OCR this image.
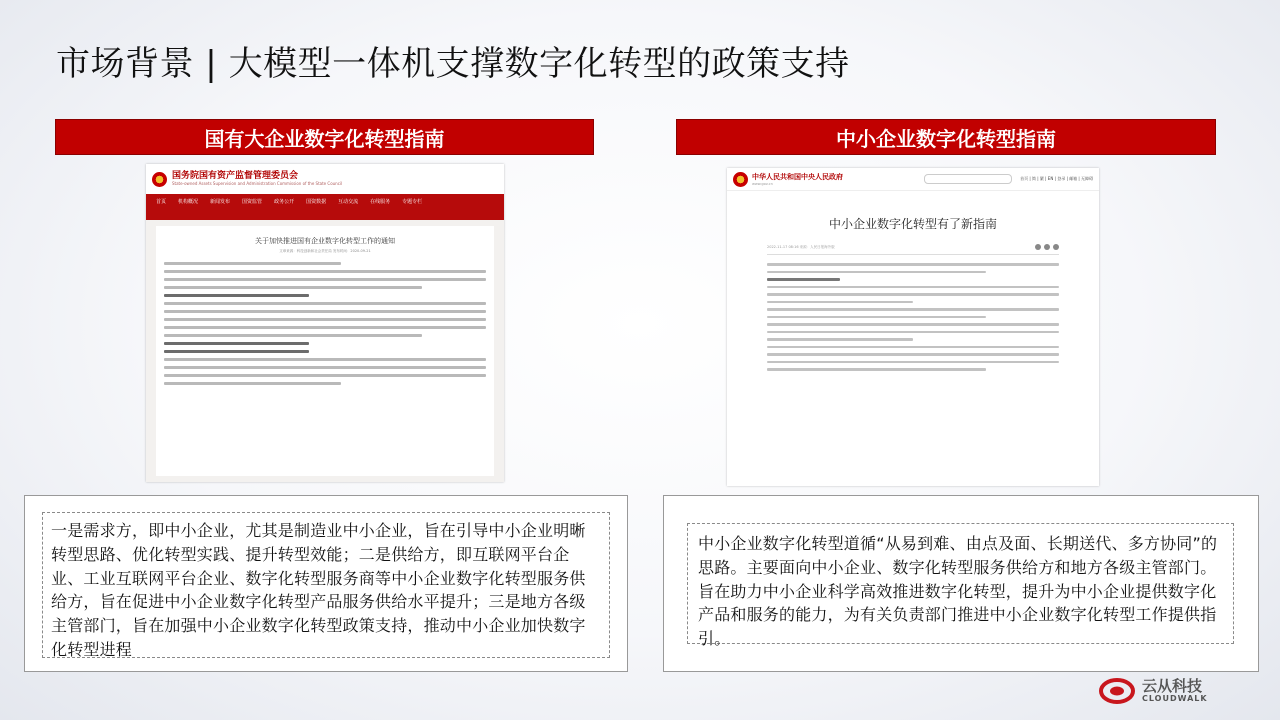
市场背景 | 大模型一体机支撑数字化转型的政策支持
国有大企业数字化转型指南	中小企业数字化转型指南
国务院国有资产监督管理委员会
State-owned Assets Supervision and Administration Commission of the State Council
首页 机构概况 新闻发布 国资监管 政务公开 国资数据 互动交流 在线服务 专题专栏
关于加快推进国有企业数字化转型工作的通知
文章来源：科技创新和社会责任局 发布时间：2020-09-21
中华人民共和国中央人民政府
www.gov.cn
首页 | 简 | 繁 | EN | 登录 | 邮箱 | 无障碍
中小企业数字化转型有了新指南
2022-11-17 08:16 来源：人民日报海外版

一是需求方，即中小企业，尤其是制造业中小企业，旨在引导中小企业明晰转型思路、优化转型实践、提升转型效能；二是供给方，即互联网平台企业、工业互联网平台企业、数字化转型服务商等中小企业数字化转型服务供给方，旨在促进中小企业数字化转型产品服务供给水平提升；三是地方各级主管部门，旨在加强中小企业数字化转型政策支持，推动中小企业加快数字化转型进程

中小企业数字化转型道循“从易到难、由点及面、长期送代、多方协同”的思路。主要面向中小企业、数字化转型服务供给方和地方各级主管部门。旨在助力中小企业科学高效推进数字化转型，提升为中小企业提供数字化产品和服务的能力，为有关负责部门推进中小企业数字化转型工作提供指引。

云从科技
CLOUDWALK
